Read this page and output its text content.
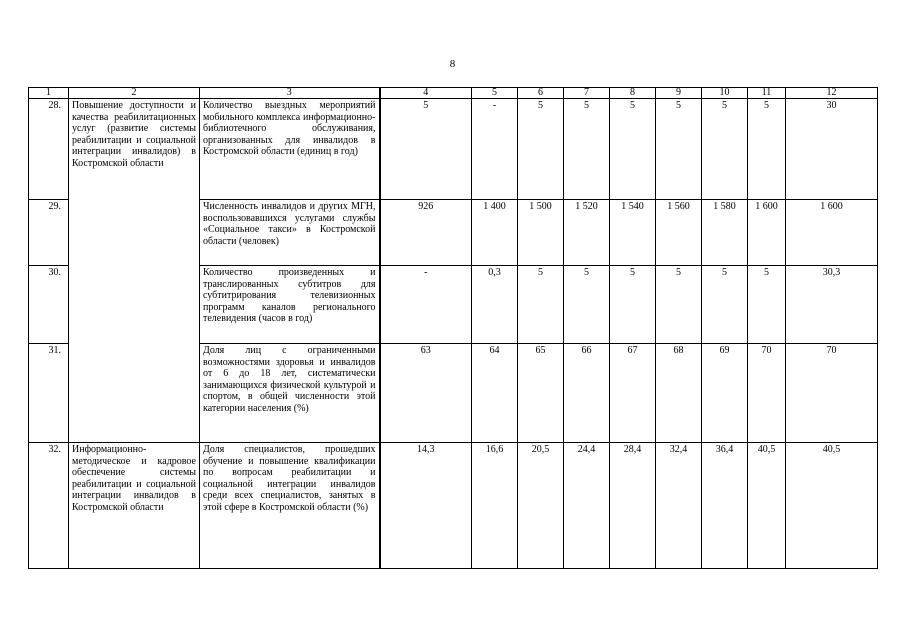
8
1	2	3	4	5	6	7	8	9	10	11	12
28.	Повышение доступности и качества реабилитационных услуг (развитие системы реабилитации и социальной интеграции инвалидов) в Костромской области	Количество выездных мероприятий мобильного комплекса информационно-библиотечного обслуживания, организованных для инвалидов в Костромской области (единиц в год)	5	-	5	5	5	5	5	5	30
29.		Численность инвалидов и других МГН, воспользовавшихся услугами службы «Социальное такси» в Костромской области (человек)	926	1 400	1 500	1 520	1 540	1 560	1 580	1 600	1 600
30.		Количество произведенных и транслированных субтитров для субтитрирования телевизионных программ каналов регионального телевидения (часов в год)	-	0,3	5	5	5	5	5	5	30,3
31.		Доля лиц с ограниченными возможностями здоровья и инвалидов от 6 до 18 лет, систематически занимающихся физической культурой и спортом, в общей численности этой категории населения (%)	63	64	65	66	67	68	69	70	70
32.	Информационно-методическое и кадровое обеспечение системы реабилитации и социальной интеграции инвалидов в Костромской области	Доля специалистов, прошедших обучение и повышение квалификации по вопросам реабилитации и социальной интеграции инвалидов среди всех специалистов, занятых в этой сфере в Костромской области (%)	14,3	16,6	20,5	24,4	28,4	32,4	36,4	40,5	40,5
